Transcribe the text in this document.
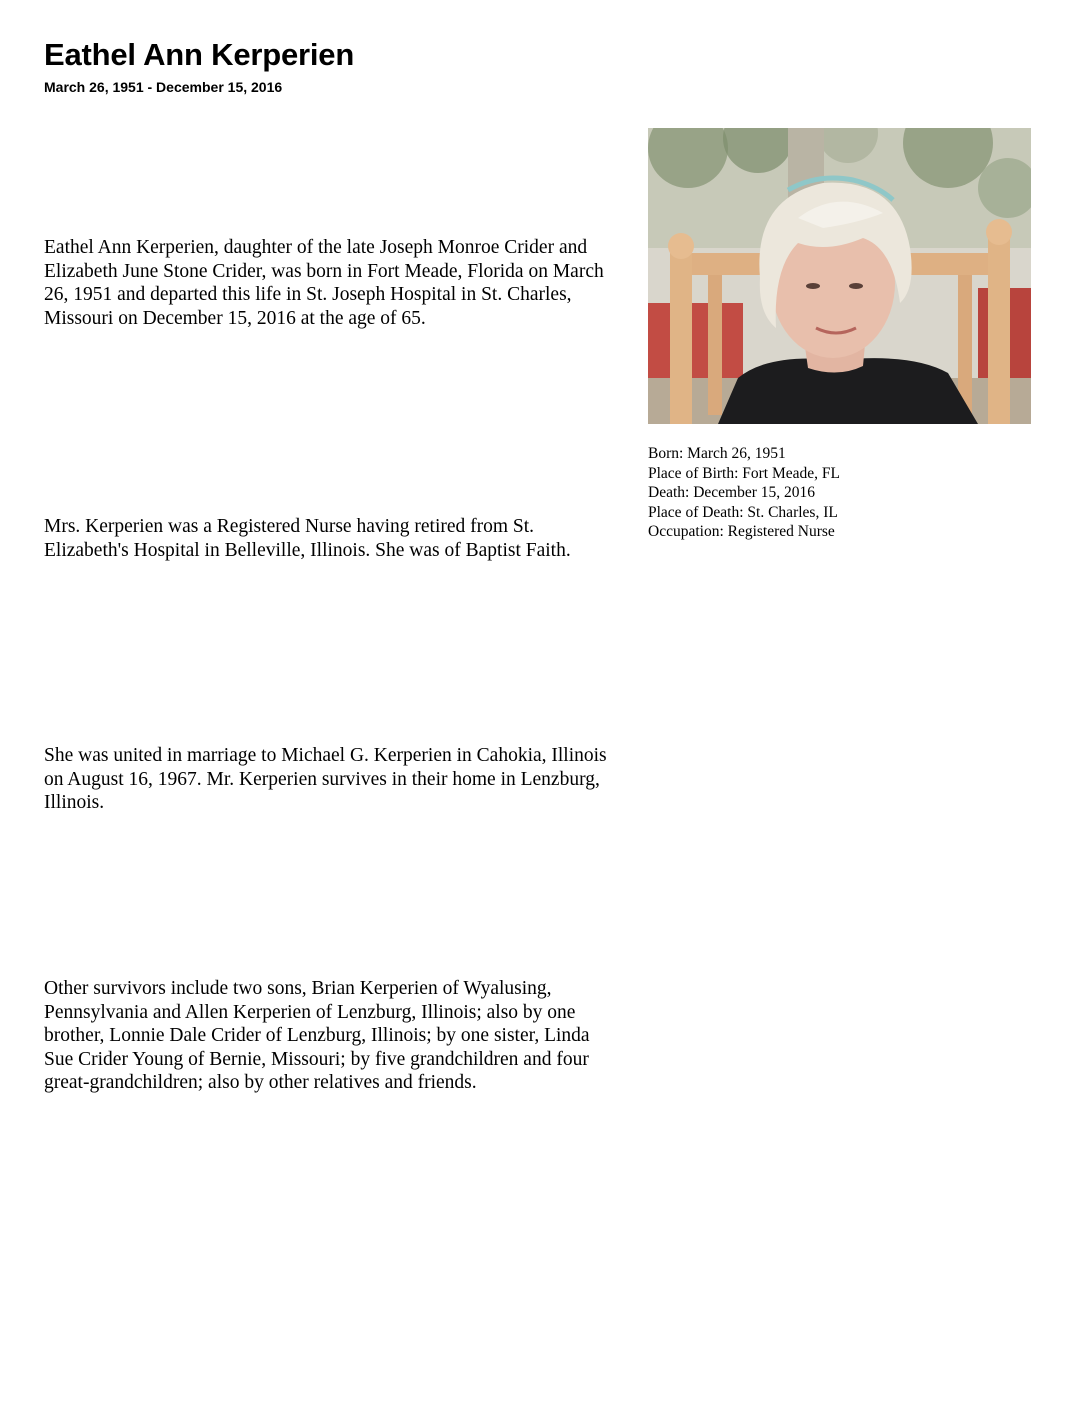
Eathel Ann Kerperien

March 26, 1951 - December 15, 2016

Eathel Ann Kerperien, daughter of the late Joseph Monroe Crider and Elizabeth June Stone Crider, was born in Fort Meade, Florida on March 26, 1951 and departed this life in St. Joseph Hospital in St. Charles, Missouri on December 15, 2016 at the age of 65.

Mrs. Kerperien was a Registered Nurse having retired from St. Elizabeth's Hospital in Belleville, Illinois. She was of Baptist Faith.

She was united in marriage to Michael G. Kerperien in Cahokia, Illinois on August 16, 1967. Mr. Kerperien survives in their home in Lenzburg, Illinois.

Other survivors include two sons, Brian Kerperien of Wyalusing, Pennsylvania and Allen Kerperien of Lenzburg, Illinois; also by one brother, Lonnie Dale Crider of Lenzburg, Illinois; by one sister, Linda Sue Crider Young of Bernie, Missouri; by five grandchildren and four great-grandchildren; also by other relatives and friends.

Born: March 26, 1951
Place of Birth: Fort Meade, FL
Death: December 15, 2016
Place of Death: St. Charles, IL
Occupation: Registered Nurse
